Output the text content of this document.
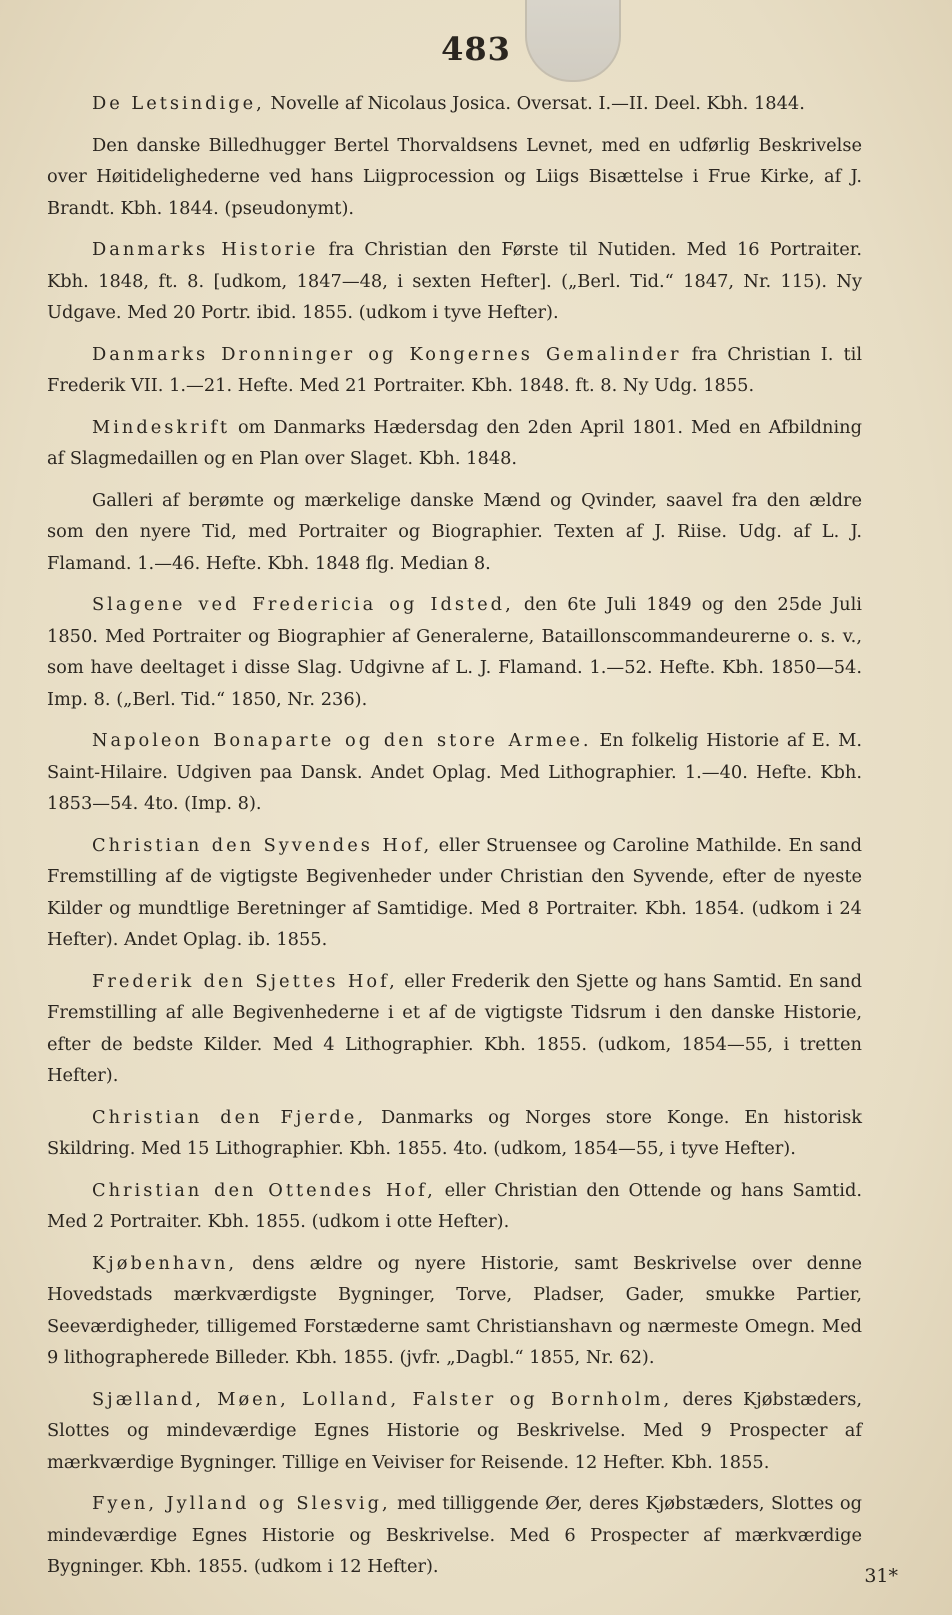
483

De Letsindige, Novelle af Nicolaus Josica. Oversat. I.—II. Deel. Kbh. 1844.

Den danske Billedhugger Bertel Thorvaldsens Levnet, med en udførlig Beskrivelse over Høitidelighederne ved hans Liigprocession og Liigs Bisættelse i Frue Kirke, af J. Brandt. Kbh. 1844. (pseudonymt).

Danmarks Historie fra Christian den Første til Nutiden. Med 16 Portraiter. Kbh. 1848, ft. 8. [udkom, 1847—48, i sexten Hefter]. („Berl. Tid.“ 1847, Nr. 115). Ny Udgave. Med 20 Portr. ibid. 1855. (udkom i tyve Hefter).

Danmarks Dronninger og Kongernes Gemalinder fra Christian I. til Frederik VII. 1.—21. Hefte. Med 21 Portraiter. Kbh. 1848. ft. 8. Ny Udg. 1855.

Mindeskrift om Danmarks Hædersdag den 2den April 1801. Med en Afbildning af Slagmedaillen og en Plan over Slaget. Kbh. 1848.

Galleri af berømte og mærkelige danske Mænd og Qvinder, saavel fra den ældre som den nyere Tid, med Portraiter og Biographier. Texten af J. Riise. Udg. af L. J. Flamand. 1.—46. Hefte. Kbh. 1848 flg. Median 8.

Slagene ved Fredericia og Idsted, den 6te Juli 1849 og den 25de Juli 1850. Med Portraiter og Biographier af Generalerne, Bataillonscommandeurerne o. s. v., som have deeltaget i disse Slag. Udgivne af L. J. Flamand. 1.—52. Hefte. Kbh. 1850—54. Imp. 8. („Berl. Tid.“ 1850, Nr. 236).

Napoleon Bonaparte og den store Armee. En folkelig Historie af E. M. Saint-Hilaire. Udgiven paa Dansk. Andet Oplag. Med Lithographier. 1.—40. Hefte. Kbh. 1853—54. 4to. (Imp. 8).

Christian den Syvendes Hof, eller Struensee og Caroline Mathilde. En sand Fremstilling af de vigtigste Begivenheder under Christian den Syvende, efter de nyeste Kilder og mundtlige Beretninger af Samtidige. Med 8 Portraiter. Kbh. 1854. (udkom i 24 Hefter). Andet Oplag. ib. 1855.

Frederik den Sjettes Hof, eller Frederik den Sjette og hans Samtid. En sand Fremstilling af alle Begivenhederne i et af de vigtigste Tidsrum i den danske Historie, efter de bedste Kilder. Med 4 Lithographier. Kbh. 1855. (udkom, 1854—55, i tretten Hefter).

Christian den Fjerde, Danmarks og Norges store Konge. En historisk Skildring. Med 15 Lithographier. Kbh. 1855. 4to. (udkom, 1854—55, i tyve Hefter).

Christian den Ottendes Hof, eller Christian den Ottende og hans Samtid. Med 2 Portraiter. Kbh. 1855. (udkom i otte Hefter).

Kjøbenhavn, dens ældre og nyere Historie, samt Beskrivelse over denne Hovedstads mærkværdigste Bygninger, Torve, Pladser, Gader, smukke Partier, Seeværdigheder, tilligemed Forstæderne samt Christianshavn og nærmeste Omegn. Med 9 lithographerede Billeder. Kbh. 1855. (jvfr. „Dagbl.“ 1855, Nr. 62).

Sjælland, Møen, Lolland, Falster og Bornholm, deres Kjøbstæders, Slottes og mindeværdige Egnes Historie og Beskrivelse. Med 9 Prospecter af mærkværdige Bygninger. Tillige en Veiviser for Reisende. 12 Hefter. Kbh. 1855.

Fyen, Jylland og Slesvig, med tilliggende Øer, deres Kjøbstæders, Slottes og mindeværdige Egnes Historie og Beskrivelse. Med 6 Prospecter af mærkværdige Bygninger. Kbh. 1855. (udkom i 12 Hefter).	31*
